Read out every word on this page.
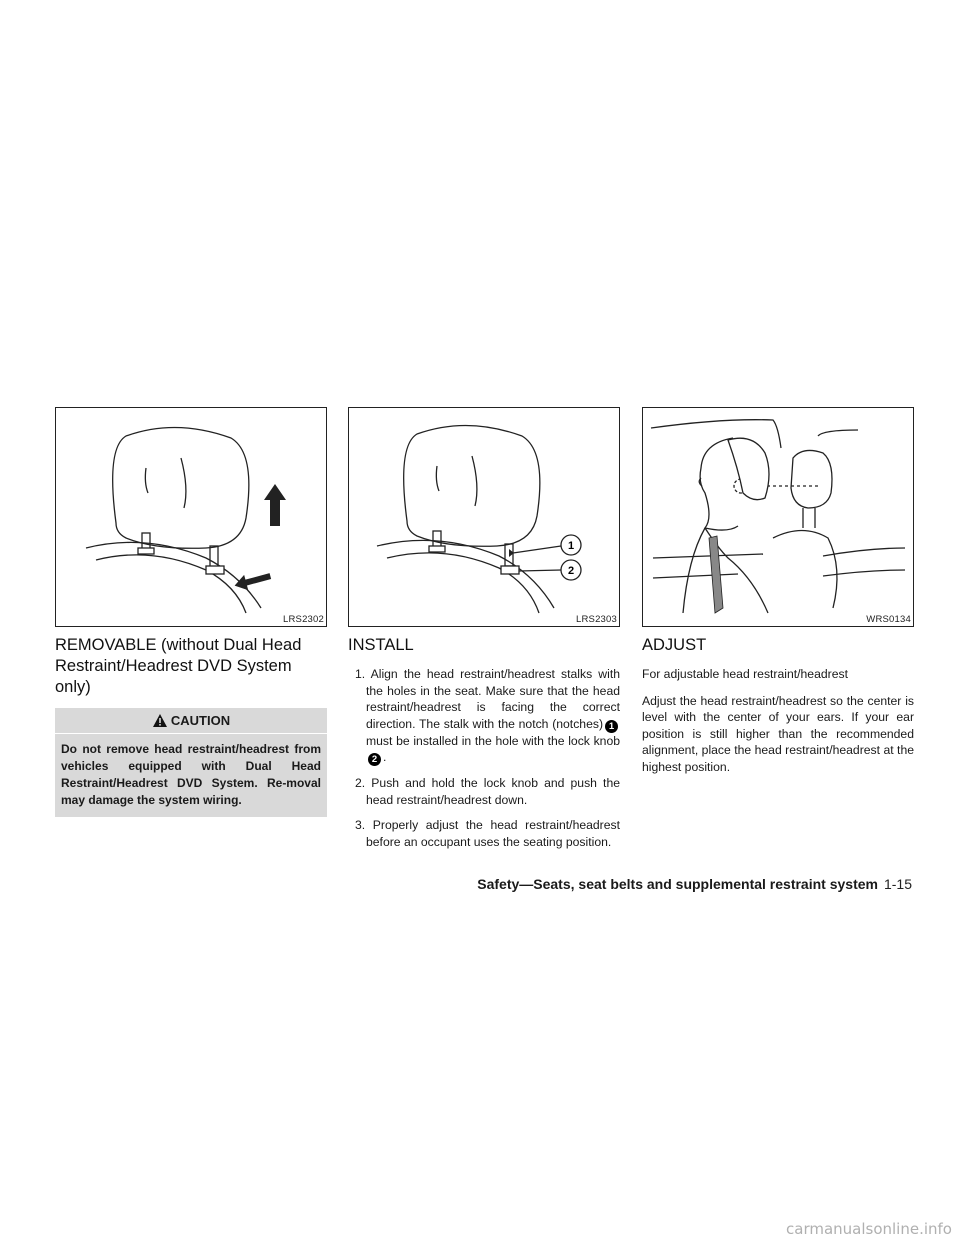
LRS2302
REMOVABLE (without Dual Head Restraint/Headrest DVD System only)
CAUTION
Do not remove head restraint/headrest from vehicles equipped with Dual Head Restraint/Headrest DVD System. Re-moval may damage the system wiring.
1
2
LRS2303
INSTALL
1. Align the head restraint/headrest stalks with the holes in the seat. Make sure that the head restraint/headrest is facing the correct direction. The stalk with the notch (notches) 1must be installed in the hole with the lock knob2 .
2. Push and hold the lock knob and push the head restraint/headrest down.
3. Properly adjust the head restraint/headrest before an occupant uses the seating position.
WRS0134
ADJUST

For adjustable head restraint/headrest

Adjust the head restraint/headrest so the center is level with the center of your ears. If your ear position is still higher than the recommended alignment, place the head restraint/headrest at the highest position.

Safety—Seats, seat belts and supplemental restraint system 1-15
carmanualsonline.info
